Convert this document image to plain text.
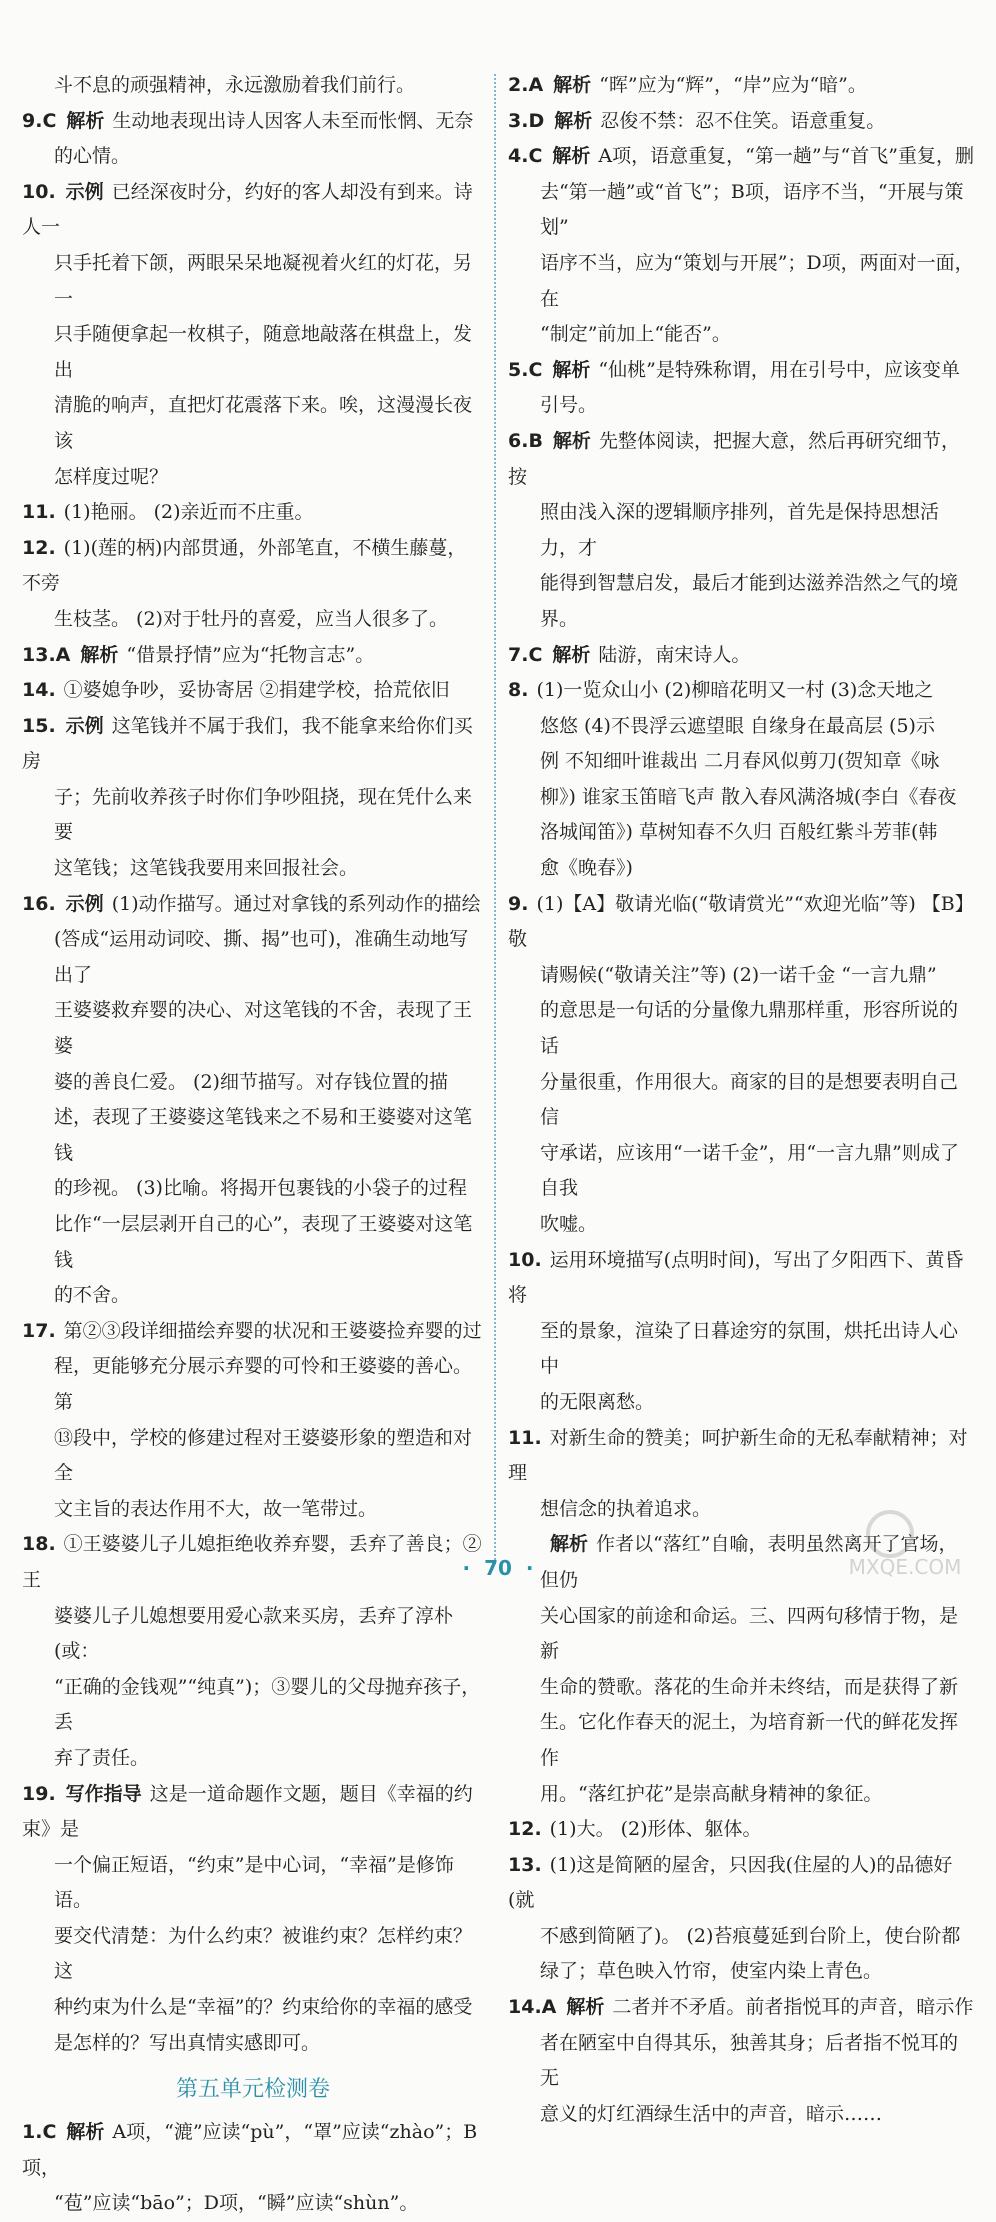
斗不息的顽强精神，永远激励着我们前行。
9.C 解析 生动地表现出诗人因客人未至而怅惘、无奈
的心情。
10. 示例 已经深夜时分，约好的客人却没有到来。诗人一
只手托着下颌，两眼呆呆地凝视着火红的灯花，另一
只手随便拿起一枚棋子，随意地敲落在棋盘上，发出
清脆的响声，直把灯花震落下来。唉，这漫漫长夜该
怎样度过呢？
11. (1)艳丽。 (2)亲近而不庄重。
12. (1)(莲的柄)内部贯通，外部笔直，不横生藤蔓，不旁
生枝茎。 (2)对于牡丹的喜爱，应当人很多了。
13.A 解析 “借景抒情”应为“托物言志”。
14. ①婆媳争吵，妥协寄居 ②捐建学校，拾荒依旧
15. 示例 这笔钱并不属于我们，我不能拿来给你们买房
子；先前收养孩子时你们争吵阻挠，现在凭什么来要
这笔钱；这笔钱我要用来回报社会。
16. 示例 (1)动作描写。通过对拿钱的系列动作的描绘
(答成“运用动词咬、撕、揭”也可)，准确生动地写出了
王婆婆救弃婴的决心、对这笔钱的不舍，表现了王婆
婆的善良仁爱。 (2)细节描写。对存钱位置的描
述，表现了王婆婆这笔钱来之不易和王婆婆对这笔钱
的珍视。 (3)比喻。将揭开包裹钱的小袋子的过程
比作“一层层剥开自己的心”，表现了王婆婆对这笔钱
的不舍。
17. 第②③段详细描绘弃婴的状况和王婆婆捡弃婴的过
程，更能够充分展示弃婴的可怜和王婆婆的善心。第
⑬段中，学校的修建过程对王婆婆形象的塑造和对全
文主旨的表达作用不大，故一笔带过。
18. ①王婆婆儿子儿媳拒绝收养弃婴，丢弃了善良；②王
婆婆儿子儿媳想要用爱心款来买房，丢弃了淳朴(或：
“正确的金钱观”“纯真”)；③婴儿的父母抛弃孩子，丢
弃了责任。
19. 写作指导 这是一道命题作文题，题目《幸福的约束》是
一个偏正短语，“约束”是中心词，“幸福”是修饰语。
要交代清楚：为什么约束？被谁约束？怎样约束？这
种约束为什么是“幸福”的？约束给你的幸福的感受
是怎样的？写出真情实感即可。
第五单元检测卷
1.C 解析 A项，“漉”应读“pù”，“罩”应读“zhào”；B项，
“苞”应读“bāo”；D项，“瞬”应读“shùn”。
2.A 解析 “晖”应为“辉”，“岸”应为“暗”。
3.D 解析 忍俊不禁：忍不住笑。语意重复。
4.C 解析 A项，语意重复，“第一趟”与“首飞”重复，删
去“第一趟”或“首飞”；B项，语序不当，“开展与策划”
语序不当，应为“策划与开展”；D项，两面对一面，在
“制定”前加上“能否”。
5.C 解析 “仙桃”是特殊称谓，用在引号中，应该变单
引号。
6.B 解析 先整体阅读，把握大意，然后再研究细节，按
照由浅入深的逻辑顺序排列，首先是保持思想活力，才
能得到智慧启发，最后才能到达滋养浩然之气的境界。
7.C 解析 陆游，南宋诗人。
8. (1)一览众山小 (2)柳暗花明又一村 (3)念天地之
悠悠 (4)不畏浮云遮望眼 自缘身在最高层 (5)示
例 不知细叶谁裁出 二月春风似剪刀(贺知章《咏
柳》) 谁家玉笛暗飞声 散入春风满洛城(李白《春夜
洛城闻笛》) 草树知春不久归 百般红紫斗芳菲(韩
愈《晚春》)
9. (1)【A】敬请光临(“敬请赏光”“欢迎光临”等) 【B】敬
请赐候(“敬请关注”等) (2)一诺千金 “一言九鼎”
的意思是一句话的分量像九鼎那样重，形容所说的话
分量很重，作用很大。商家的目的是想要表明自己信
守承诺，应该用“一诺千金”，用“一言九鼎”则成了自我
吹嘘。
10. 运用环境描写(点明时间)，写出了夕阳西下、黄昏将
至的景象，渲染了日暮途穷的氛围，烘托出诗人心中
的无限离愁。
11. 对新生命的赞美；呵护新生命的无私奉献精神；对理
想信念的执着追求。
解析 作者以“落红”自喻，表明虽然离开了官场，但仍
关心国家的前途和命运。三、四两句移情于物，是新
生命的赞歌。落花的生命并未终结，而是获得了新
生。它化作春天的泥土，为培育新一代的鲜花发挥作
用。“落红护花”是崇高献身精神的象征。
12. (1)大。 (2)形体、躯体。
13. (1)这是简陋的屋舍，只因我(住屋的人)的品德好(就
不感到简陋了)。 (2)苔痕蔓延到台阶上，使台阶都
绿了；草色映入竹帘，使室内染上青色。
14.A 解析 二者并不矛盾。前者指悦耳的声音，暗示作
者在陋室中自得其乐，独善其身；后者指不悦耳的无
意义的灯红酒绿生活中的声音，暗示……
· 70 ·	MXQE.COM
